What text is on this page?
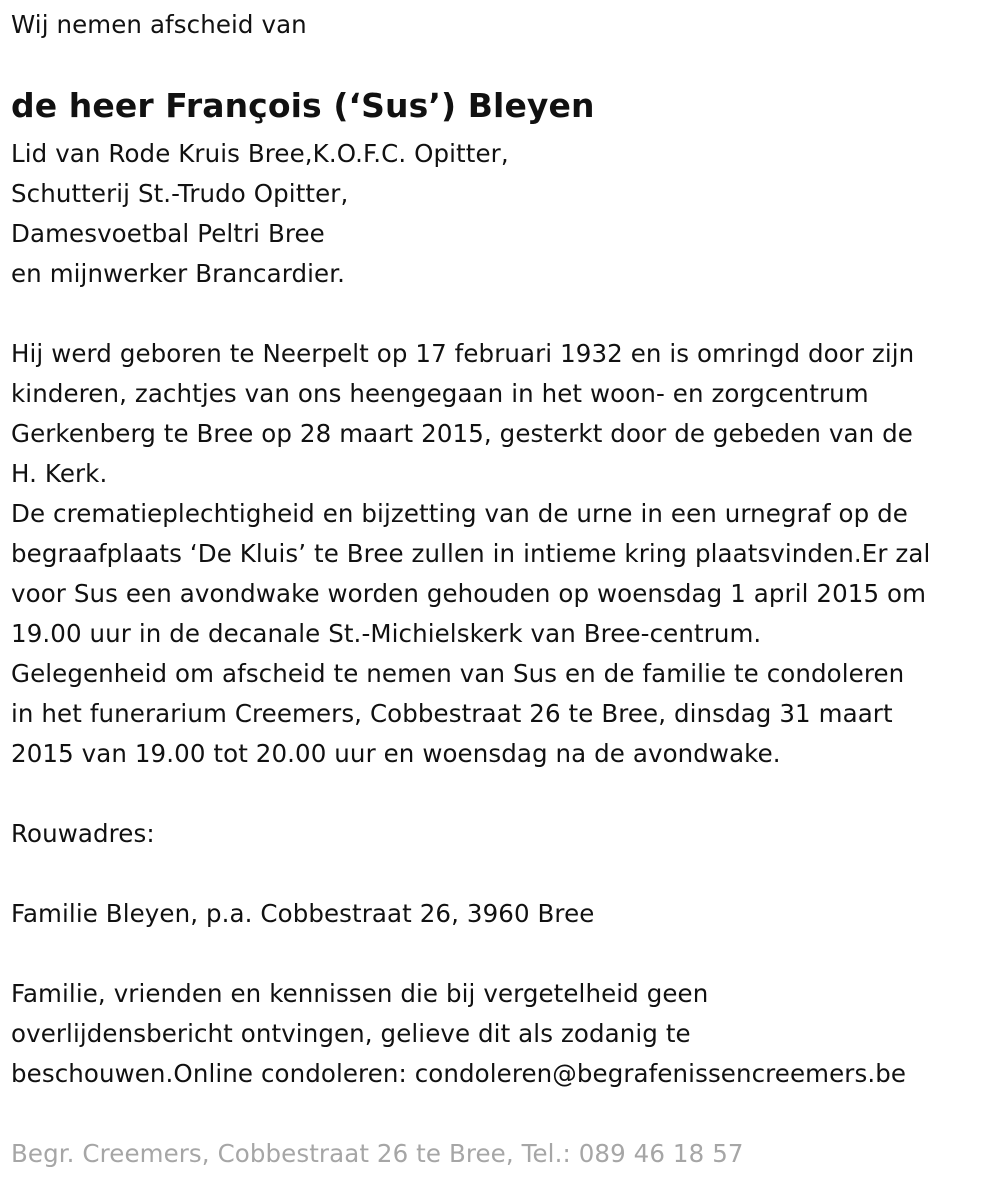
Wij nemen afscheid van
de heer François (‘Sus’) Bleyen
Lid van Rode Kruis Bree,K.O.F.C. Opitter,
Schutterij St.-Trudo Opitter,
Damesvoetbal Peltri Bree
en mijnwerker Brancardier.
Hij werd geboren te Neerpelt op 17 februari 1932 en is omringd door zijn
kinderen, zachtjes van ons heengegaan in het woon- en zorgcentrum
Gerkenberg te Bree op 28 maart 2015, gesterkt door de gebeden van de
H. Kerk.
De crematieplechtigheid en bijzetting van de urne in een urnegraf op de
begraafplaats ‘De Kluis’ te Bree zullen in intieme kring plaatsvinden.Er zal
voor Sus een avondwake worden gehouden op woensdag 1 april 2015 om
19.00 uur in de decanale St.-Michielskerk van Bree-centrum.
Gelegenheid om afscheid te nemen van Sus en de familie te condoleren
in het funerarium Creemers, Cobbestraat 26 te Bree, dinsdag 31 maart
2015 van 19.00 tot 20.00 uur en woensdag na de avondwake.
Rouwadres:
Familie Bleyen, p.a. Cobbestraat 26, 3960 Bree
Familie, vrienden en kennissen die bij vergetelheid geen
overlijdensbericht ontvingen, gelieve dit als zodanig te
beschouwen.Online condoleren: condoleren@begrafenissencreemers.be
Begr. Creemers, Cobbestraat 26 te Bree, Tel.: 089 46 18 57
